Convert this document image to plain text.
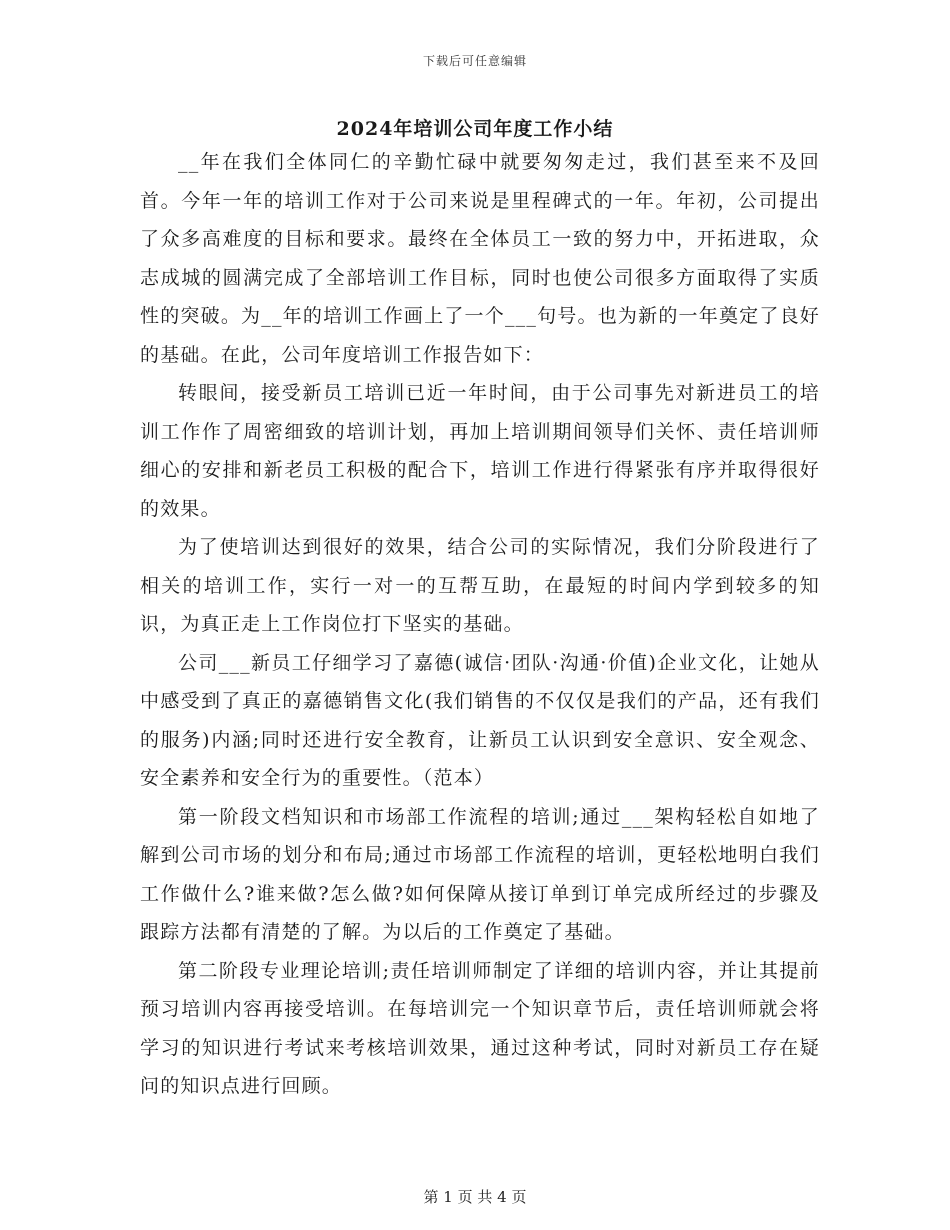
下载后可任意编辑
2024年培训公司年度工作小结

__年在我们全体同仁的辛勤忙碌中就要匆匆走过，我们甚至来不及回首。今年一年的培训工作对于公司来说是里程碑式的一年。年初，公司提出了众多高难度的目标和要求。最终在全体员工一致的努力中，开拓进取，众志成城的圆满完成了全部培训工作目标，同时也使公司很多方面取得了实质性的突破。为__年的培训工作画上了一个___句号。也为新的一年奠定了良好的基础。在此，公司年度培训工作报告如下：

转眼间，接受新员工培训已近一年时间，由于公司事先对新进员工的培训工作作了周密细致的培训计划，再加上培训期间领导们关怀、责任培训师细心的安排和新老员工积极的配合下，培训工作进行得紧张有序并取得很好的效果。

为了使培训达到很好的效果，结合公司的实际情况，我们分阶段进行了相关的培训工作，实行一对一的互帮互助，在最短的时间内学到较多的知识，为真正走上工作岗位打下坚实的基础。

公司___新员工仔细学习了嘉德(诚信·团队·沟通·价值)企业文化，让她从中感受到了真正的嘉德销售文化(我们销售的不仅仅是我们的产品，还有我们的服务)内涵;同时还进行安全教育，让新员工认识到安全意识、安全观念、安全素养和安全行为的重要性。（范本）

第一阶段文档知识和市场部工作流程的培训;通过___架构轻松自如地了解到公司市场的划分和布局;通过市场部工作流程的培训，更轻松地明白我们工作做什么?谁来做?怎么做?如何保障从接订单到订单完成所经过的步骤及跟踪方法都有清楚的了解。为以后的工作奠定了基础。

第二阶段专业理论培训;责任培训师制定了详细的培训内容，并让其提前预习培训内容再接受培训。在每培训完一个知识章节后，责任培训师就会将学习的知识进行考试来考核培训效果，通过这种考试，同时对新员工存在疑问的知识点进行回顾。

第 1 页 共 4 页
